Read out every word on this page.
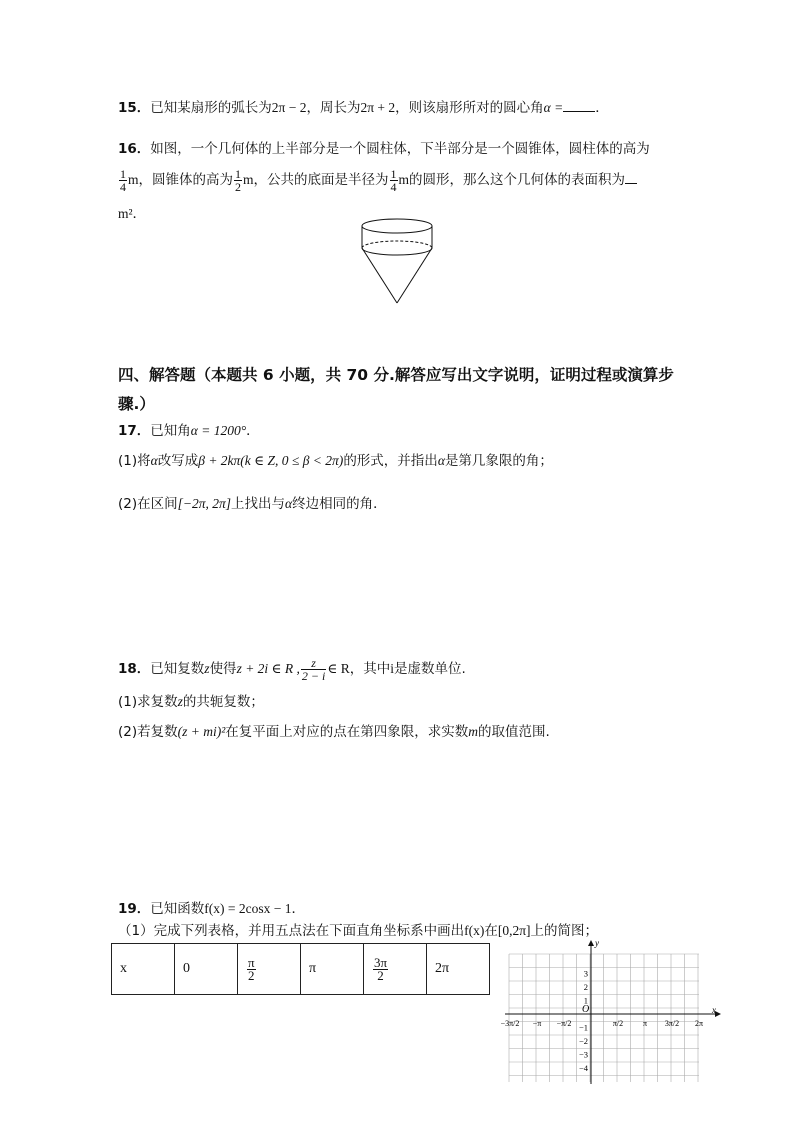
15．已知某扇形的弧长为2π − 2，周长为2π + 2，则该扇形所对的圆心角α = ．
16．如图，一个几何体的上半部分是一个圆柱体，下半部分是一个圆锥体，圆柱体的高为
$\frac{1}{4}$ m，圆锥体的高为 $\frac{1}{2}$ m，公共的底面是半径为 $\frac{1}{4}$ m的圆形，那么这个几何体的表面积为
m²．
四、解答题（本题共 6 小题，共 70 分.解答应写出文字说明，证明过程或演算步
骤.）
17．已知角α = 1200°．
(1)将α改写成β + 2kπ(k ∈ Z, 0 ≤ β < 2π)的形式，并指出α是第几象限的角；
(2)在区间[−2π, 2π]上找出与α终边相同的角．
18．已知复数z使得z + 2i ∈ R , $\frac{z}{2 - i}$ ∈ R，其中i是虚数单位.
(1)求复数z的共轭复数；
(2)若复数(z + mi)²在复平面上对应的点在第四象限，求实数m的取值范围.
19．已知函数f(x) = 2cosx − 1．
（1）完成下列表格，并用五点法在下面直角坐标系中画出f(x)在[0,2π]上的简图；
x	0	$\frac{\pi}{2}$	π	$\frac{3\pi}{2}$	2π
y
x
O
3
2
1
−1
−2
−3
−4
−3π/2 −π −π/2	π/2 π 3π/2 2π
